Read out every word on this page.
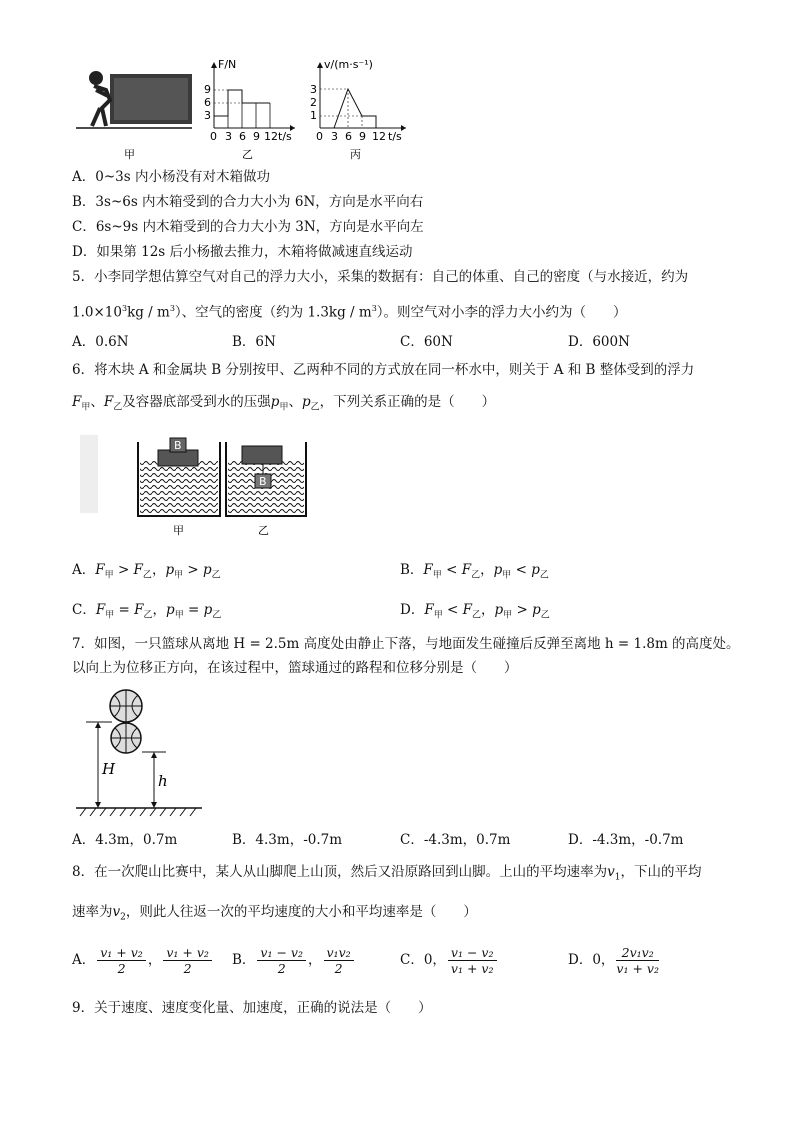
甲
F/N
9
6
3
0 3 6 9 12 t/s
乙
v/(m·s⁻¹)
3
2
1
0 3 6 9 12 t/s
丙
A．0~3s 内小杨没有对木箱做功
B．3s~6s 内木箱受到的合力大小为 6N，方向是水平向右
C．6s~9s 内木箱受到的合力大小为 3N，方向是水平向左
D．如果第 12s 后小杨撤去推力，木箱将做减速直线运动
5．小李同学想估算空气对自己的浮力大小，采集的数据有：自己的体重、自己的密度（与水接近，约为
$1.0\times 10^3kg / m^3$）、空气的密度（约为 $1.3kg / m^3$）。则空气对小李的浮力大小约为（　　）
A．0.6N	B．6N	C．60N	D．600N
6．将木块 A 和金属块 B 分别按甲、乙两种不同的方式放在同一杯水中，则关于 A 和 B 整体受到的浮力
$F_甲$、$F_乙$及容器底部受到水的压强$p_甲$、$p_乙$，下列关系正确的是（　　）
B
甲
B
乙
A．$F_甲 > F_乙$，$p_甲 > p_乙$	B．$F_甲 < F_乙$，$p_甲 < p_乙$
C．$F_甲 = F_乙$，$p_甲 = p_乙$	D．$F_甲 < F_乙$，$p_甲 > p_乙$
7．如图，一只篮球从离地 H = 2.5m 高度处由静止下落，与地面发生碰撞后反弹至离地 h = 1.8m 的高度处。
以向上为位移正方向，在该过程中，篮球通过的路程和位移分别是（　　）
H
h
A．4.3m，0.7m	B．4.3m，-0.7m	C．-4.3m，0.7m	D．-4.3m，-0.7m
8．在一次爬山比赛中，某人从山脚爬上山顶，然后又沿原路回到山脚。上山的平均速率为$v_1$，下山的平均
速率为$v_2$，则此人往返一次的平均速度的大小和平均速率是（　　）
A． $\frac{\text{v₁ + v₂}}{2}$ ， $\frac{\text{v₁ + v₂}}{2}$ B． $\frac{\text{v₁ − v₂}}{2}$ ， $\frac{\text{v₁v₂}}{2}$	C．0， $\frac{\text{v₁ − v₂}}{\text{v₁ + v₂}}$	D．0， $\frac{\text{2v₁v₂}}{\text{v₁ + v₂}}$
9．关于速度、速度变化量、加速度，正确的说法是（　　）
